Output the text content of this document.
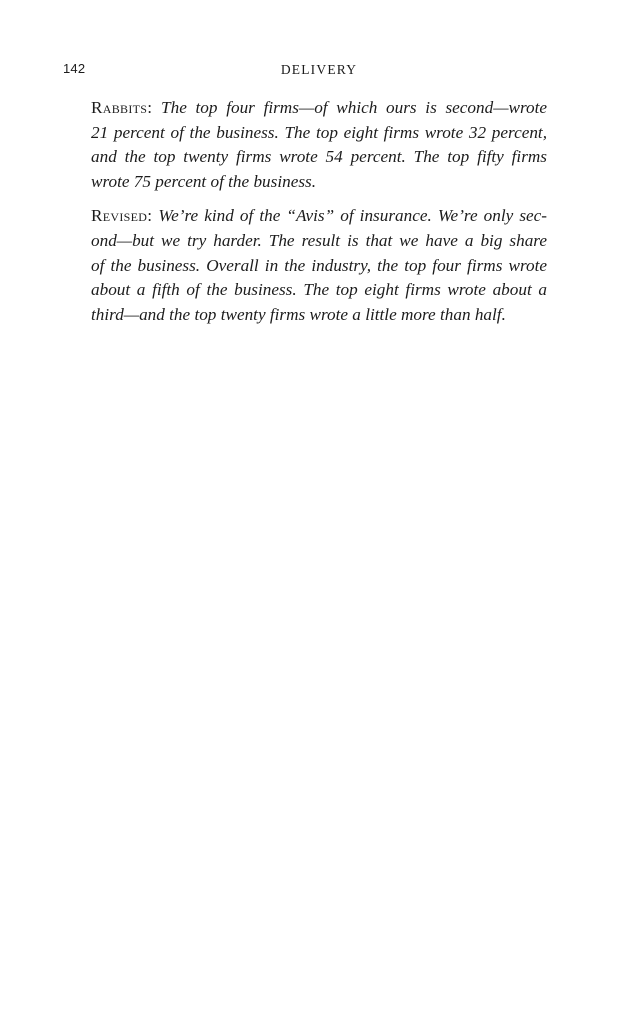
142	DELIVERY

Rabbits: The top four firms—of which ours is second—wrote
21 percent of the business. The top eight firms wrote 32 percent,
and the top twenty firms wrote 54 percent. The top fifty firms
wrote 75 percent of the business.

Revised: We’re kind of the “Avis” of insurance. We’re only sec-
ond—but we try harder. The result is that we have a big share
of the business. Overall in the industry, the top four firms wrote
about a fifth of the business. The top eight firms wrote about a
third—and the top twenty firms wrote a little more than half.
